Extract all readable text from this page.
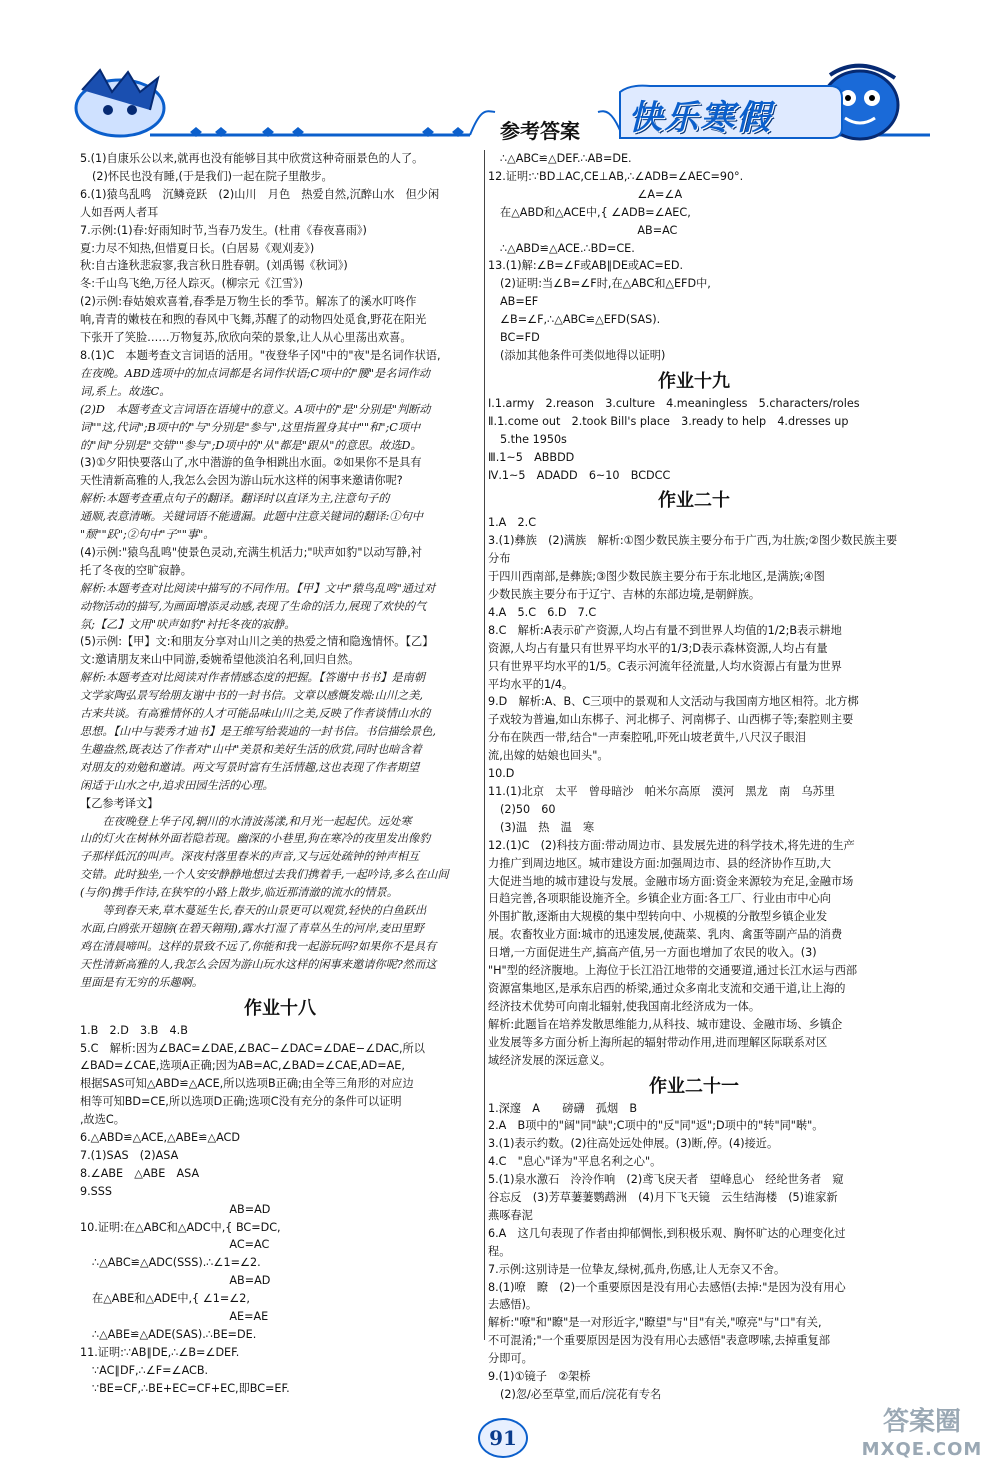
参考答案 快乐寒假

5.(1)自康乐公以来,就再也没有能够目其中欣赏这种奇丽景色的人了。

(2)怀民也没有睡,(于是我们)一起在院子里散步。

6.(1)猿鸟乱鸣　沉鳞竞跃　(2)山川　月色　热爱自然,沉醉山水　但少闲

人如吾两人者耳

7.示例:(1)春:好雨知时节,当春乃发生。(杜甫《春夜喜雨》)

夏:力尽不知热,但惜夏日长。(白居易《观刈麦》)

秋:自古逢秋悲寂寥,我言秋日胜春朝。(刘禹锡《秋词》)

冬:千山鸟飞绝,万径人踪灭。(柳宗元《江雪》)

(2)示例:春姑娘欢喜着,春季是万物生长的季节。解冻了的溪水叮咚作

响,青青的嫩枝在和煦的春风中飞舞,苏醒了的动物四处觅食,野花在阳光

下张开了笑脸……万物复苏,欣欣向荣的景象,让人从心里荡出欢喜。

8.(1)C　本题考查文言词语的活用。"夜登华子冈"中的"夜"是名词作状语,

在夜晚。ABD选项中的加点词都是名词作状语;C项中的"腰"是名词作动

词,系上。故选C。

(2)D　本题考查文言词语在语境中的意义。A项中的"是"分别是"判断动

词""这,代词";B项中的"与"分别是"参与",这里指置身其中""和";C项中

的"间"分别是"交错""参与";D项中的"从"都是"跟从"的意思。故选D。

(3)①夕阳快要落山了,水中潜游的鱼争相跳出水面。②如果你不是具有

天性清新高雅的人,我怎么会因为游山玩水这样的闲事来邀请你呢?

解析:本题考查重点句子的翻译。翻译时以直译为主,注意句子的

通顺,表意清晰。关键词语不能遗漏。此题中注意关键词的翻译:①句中

"颓""跃";②句中"子""事"。

(4)示例:"猿鸟乱鸣"使景色灵动,充满生机活力;"吠声如豹"以动写静,衬

托了冬夜的空旷寂静。

解析:本题考查对比阅读中描写的不同作用。【甲】文中"猿鸟乱鸣"通过对

动物活动的描写,为画面增添灵动感,表现了生命的活力,展现了欢快的气

氛;【乙】文用"吠声如豹"衬托冬夜的寂静。

(5)示例:【甲】文:和朋友分享对山川之美的热爱之情和隐逸情怀。【乙】

文:邀请朋友来山中同游,委婉希望他淡泊名利,回归自然。

解析:本题考查对比阅读对作者情感态度的把握。【答谢中书书】是南朝

文学家陶弘景写给朋友谢中书的一封书信。文章以感慨发端:山川之美,

古来共谈。有高雅情怀的人才可能品味山川之美,反映了作者谈情山水的

思想。【山中与裴秀才迪书】是王维写给裴迪的一封书信。书信描绘景色,

生趣盎然,既表达了作者对"山中"美景和美好生活的欣赏,同时也暗含着

对朋友的劝勉和邀请。两文写景时富有生活情趣,这也表现了作者期望

闲适于山水之中,追求田园生活的心理。

【乙参考译文】

　　在夜晚登上华子冈,辋川的水清波荡漾,和月光一起起伏。远处寒

山的灯火在树林外面若隐若现。幽深的小巷里,狗在寒冷的夜里发出像豹

子那样低沉的叫声。深夜村落里春米的声音,又与远处疏钟的钟声相互

交错。此时独坐,一个人安安静静地想过去我们携着手,一起吟诗,多么在山间

(与你)携手作诗,在狭窄的小路上散步,临近那清澈的流水的情景。

　　等到春天来,草木蔓延生长,春天的山景更可以观赏,轻快的白鱼跃出

水面,白鸥张开翅膀(在碧天翱翔),露水打湿了青草丛生的河岸,麦田里野

鸡在清晨啼叫。这样的景致不远了,你能和我一起游玩吗?如果你不是具有

天性清新高雅的人,我怎么会因为游山玩水这样的闲事来邀请你呢?然而这

里面是有无穷的乐趣啊。

作业十八

1.B　2.D　3.B　4.B

5.C　解析:因为∠BAC=∠DAE,∠BAC−∠DAC=∠DAE−∠DAC,所以

∠BAD=∠CAE,选项A正确;因为AB=AC,∠BAD=∠CAE,AD=AE,

根据SAS可知△ABD≌△ACE,所以选项B正确;由全等三角形的对应边

相等可知BD=CE,所以选项D正确;选项C没有充分的条件可以证明

,故选C。

6.△ABD≌△ACE,△ABE≌△ACD

7.(1)SAS　(2)ASA

8.∠ABE　△ABE　ASA

9.SSS

AB=AD

10.证明:在△ABC和△ADC中,{ BC=DC,

AC=AC

∴△ABC≌△ADC(SSS).∴∠1=∠2.

AB=AD

在△ABE和△ADE中,{ ∠1=∠2,

AE=AE

∴△ABE≌△ADE(SAS).∴BE=DE.

11.证明:∵AB∥DE,∴∠B=∠DEF.

∵AC∥DF,∴∠F=∠ACB.

∵BE=CF,∴BE+EC=CF+EC,即BC=EF.

∴△ABC≌△DEF.∴AB=DE.

12.证明:∵BD⊥AC,CE⊥AB,∴∠ADB=∠AEC=90°.

∠A=∠A

在△ABD和△ACE中,{ ∠ADB=∠AEC,

AB=AC

∴△ABD≌△ACE.∴BD=CE.

13.(1)解:∠B=∠F或AB∥DE或AC=ED.

(2)证明:当∠B=∠F时,在△ABC和△EFD中,

AB=EF

∠B=∠F,∴△ABC≌△EFD(SAS).

BC=FD

(添加其他条件可类似地得以证明)

作业十九

Ⅰ.1.army　2.reason　3.culture　4.meaningless　5.characters/roles

Ⅱ.1.come out　2.took Bill's place　3.ready to help　4.dresses up

5.the 1950s

Ⅲ.1~5　ABBDD

Ⅳ.1~5　ADADD　6~10　BCDCC

作业二十

1.A　2.C

3.(1)彝族　(2)满族　解析:①图少数民族主要分布于广西,为壮族;②图少数民族主要分布

于四川西南部,是彝族;③图少数民族主要分布于东北地区,是满族;④图

少数民族主要分布于辽宁、吉林的东部边境,是朝鲜族。

4.A　5.C　6.D　7.C

8.C　解析:A表示矿产资源,人均占有量不到世界人均值的1/2;B表示耕地

资源,人均占有量只有世界平均水平的1/3;D表示森林资源,人均占有量

只有世界平均水平的1/5。C表示河流年径流量,人均水资源占有量为世界

平均水平的1/4。

9.D　解析:A、B、C三项中的景观和人文活动与我国南方地区相符。北方梆

子戏较为普遍,如山东梆子、河北梆子、河南梆子、山西梆子等;秦腔则主要

分布在陕西一带,结合"一声秦腔吼,吓死山坡老黄牛,八尺汉子眼泪

流,出嫁的姑娘也回头"。

10.D

11.(1)北京　太平　曾母暗沙　帕米尔高原　漠河　黑龙　南　乌苏里

(2)50　60

(3)温　热　温　寒

12.(1)C　(2)科技方面:带动周边市、县发展先进的科学技术,将先进的生产

力推广到周边地区。城市建设方面:加强周边市、县的经济协作互助,大

大促进当地的城市建设与发展。金融市场方面:资金来源较为充足,金融市场

日趋完善,各项职能设施齐全。乡镇企业方面:各工厂、行业由市中心向

外围扩散,逐渐由大规模的集中型转向中、小规模的分散型乡镇企业发

展。农畜牧业方面:城市的迅速发展,使蔬菜、乳肉、禽蛋等副产品的消费

日增,一方面促进生产,搞高产值,另一方面也增加了农民的收入。(3)

"H"型的经济腹地。上海位于长江沿江地带的交通要道,通过长江水运与西部

资源富集地区,是承东启西的桥梁,通过众多南北支流和交通干道,让上海的

经济技术优势可向南北辐射,使我国南北经济成为一体。

解析:此题旨在培养发散思维能力,从科技、城市建设、金融市场、乡镇企

业发展等多方面分析上海所起的辐射带动作用,进而理解区际联系对区

域经济发展的深远意义。

作业二十一

1.深邃　A　　磅礴　孤烟　B

2.A　B项中的"阔"同"缺";C项中的"反"同"返";D项中的"转"同"啭"。

3.(1)表示约数。(2)往高处远处伸展。(3)断,停。(4)接近。

4.C　"息心"译为"平息名利之心"。

5.(1)泉水激石　泠泠作响　(2)鸢飞戾天者　望峰息心　经纶世务者　窥

谷忘反　(3)芳草萋萋鹦鹉洲　(4)月下飞天镜　云生结海楼　(5)谁家新

燕啄春泥

6.A　这几句表现了作者由抑郁惆怅,到积极乐观、胸怀旷达的心理变化过

程。

7.示例:这别诗是一位挚友,绿树,孤舟,伤感,让人无奈又不舍。

8.(1)嘹　瞭　(2)一个重要原因是没有用心去感悟(去掉:"是因为没有用心

去感悟)。

解析:"嘹"和"瞭"是一对形近字,"瞭望"与"目"有关,"嘹亮"与"口"有关,

不可混淆;"一个重要原因是因为没有用心去感悟"表意啰嗦,去掉重复部

分即可。

9.(1)①镜子　②架桥

(2)忽/必至草堂,而后/浣花有专名

91
答案圈
MXQE.COM
